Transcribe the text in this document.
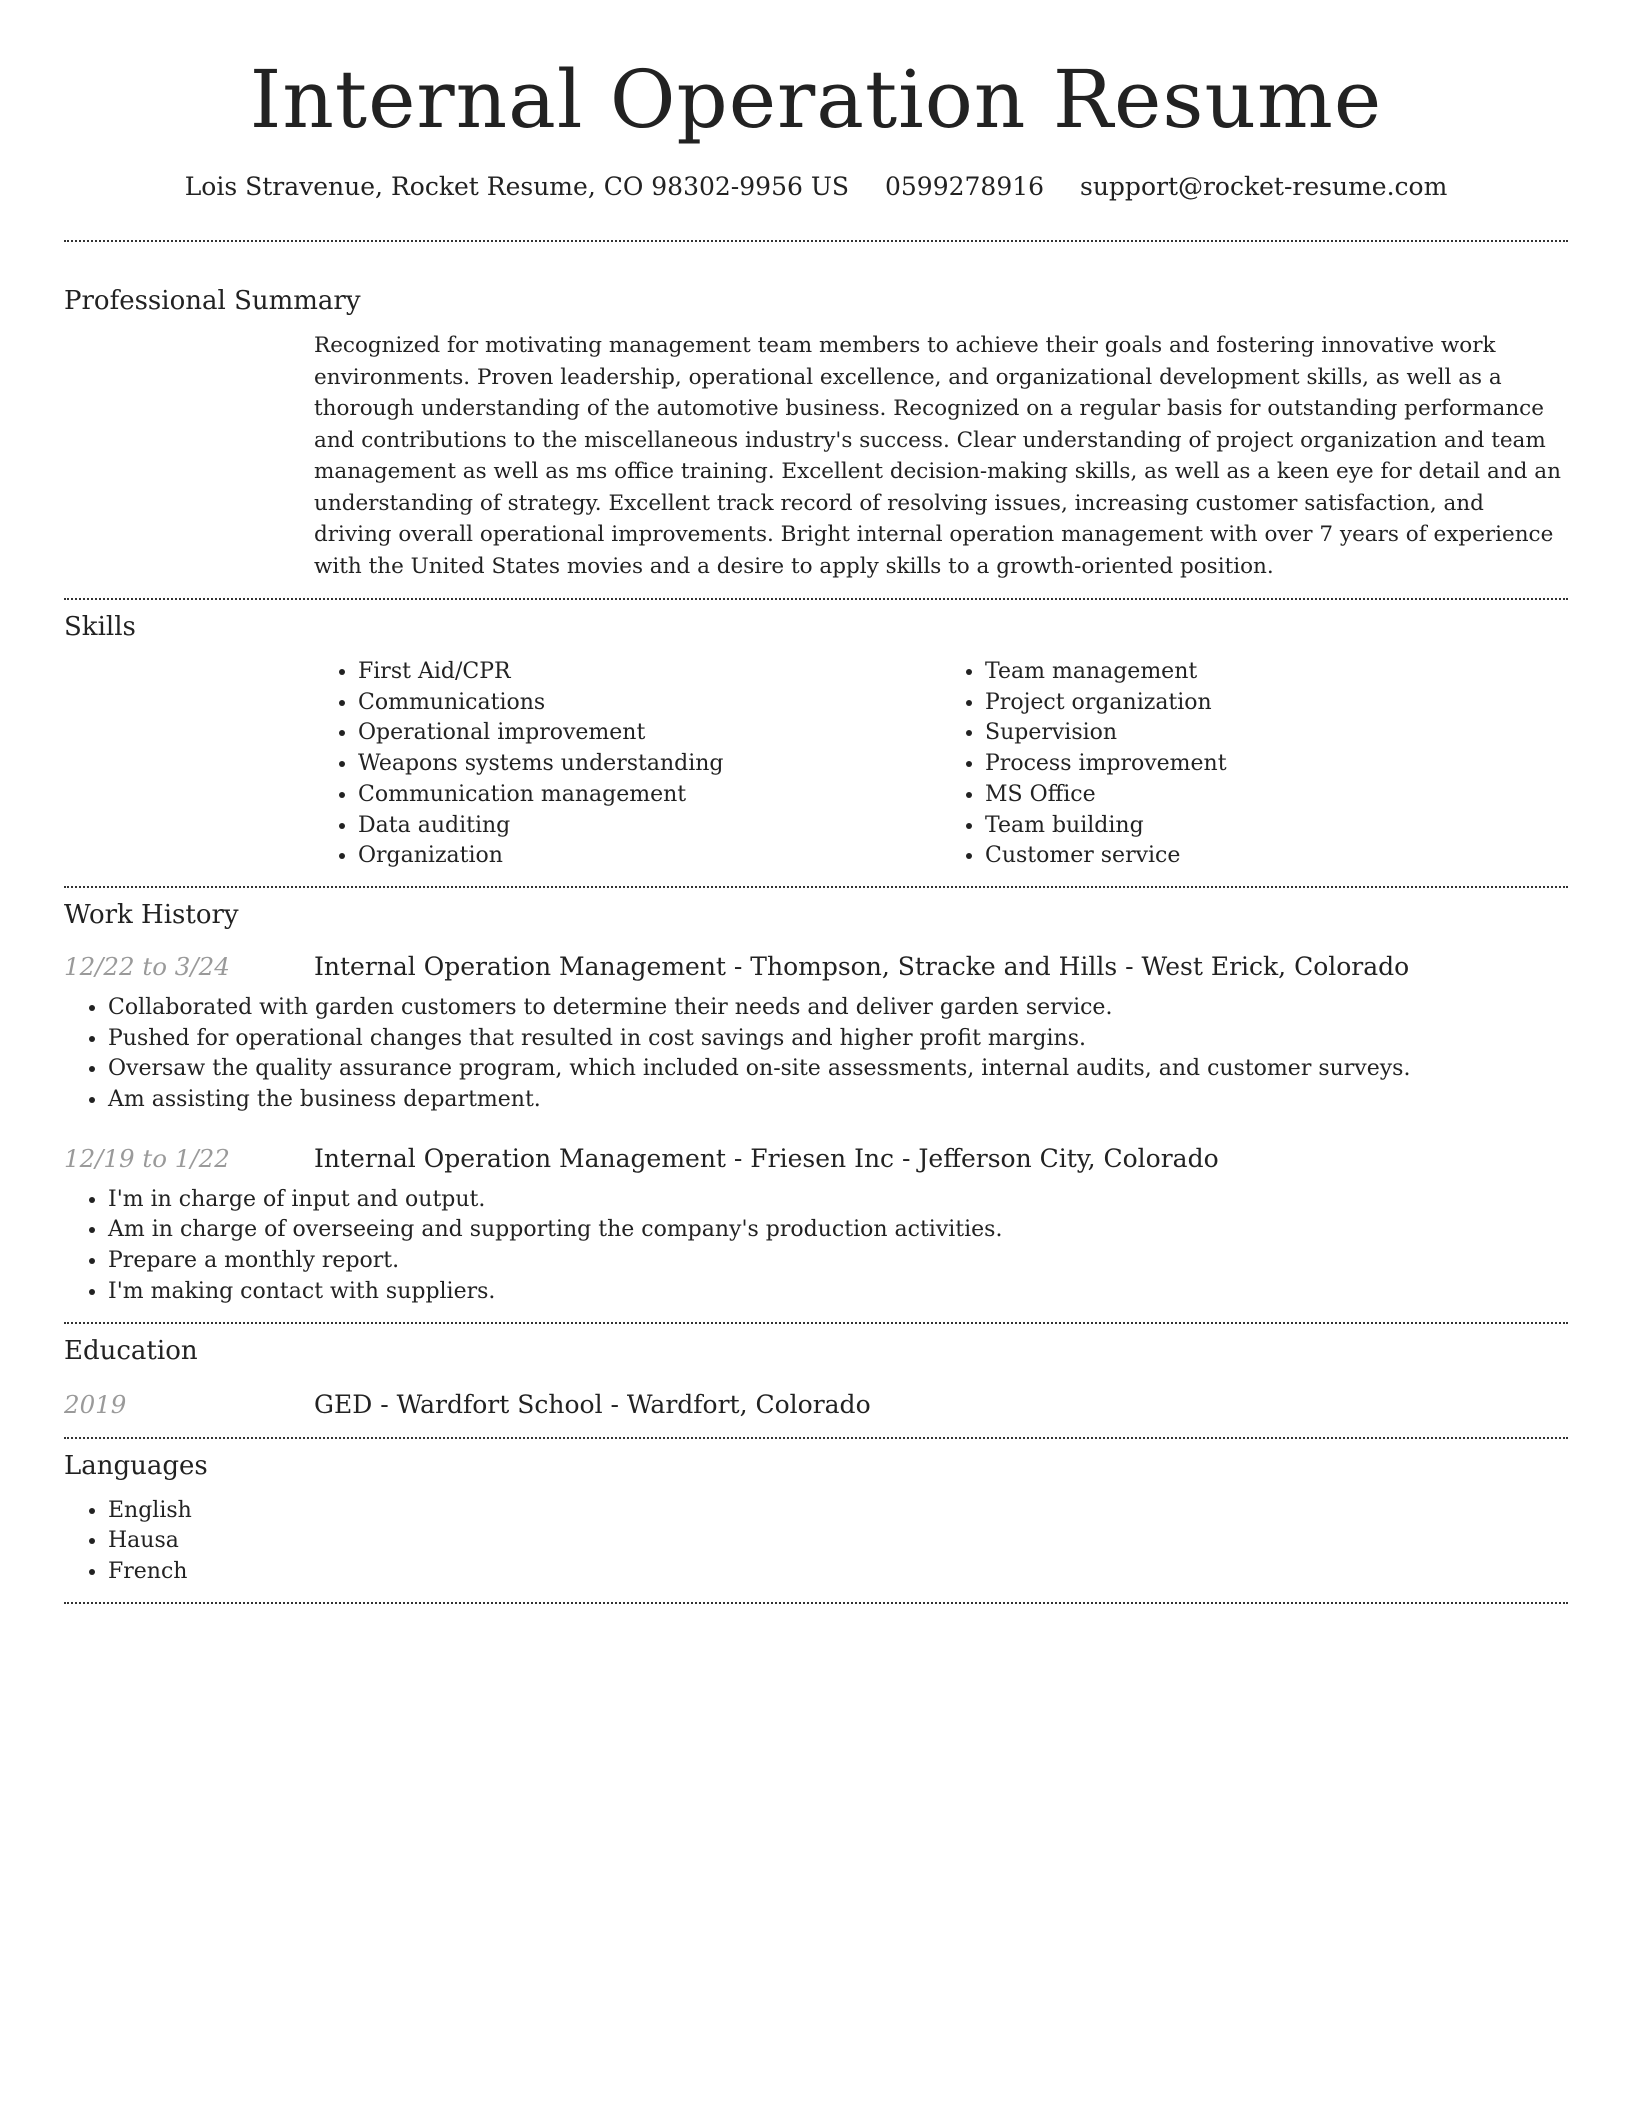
Internal Operation Resume
Lois Stravenue, Rocket Resume, CO 98302-9956 US 0599278916 support@rocket-resume.com
Professional Summary
Recognized for motivating management team members to achieve their goals and fostering innovative work environments. Proven leadership, operational excellence, and organizational development skills, as well as a thorough understanding of the automotive business. Recognized on a regular basis for outstanding performance and contributions to the miscellaneous industry's success. Clear understanding of project organization and team management as well as ms office training. Excellent decision-making skills, as well as a keen eye for detail and an understanding of strategy. Excellent track record of resolving issues, increasing customer satisfaction, and driving overall operational improvements. Bright internal operation management with over 7 years of experience with the United States movies and a desire to apply skills to a growth-oriented position.
Skills
• First Aid/CPR
• Communications
• Operational improvement
• Weapons systems understanding
• Communication management
• Data auditing
• Organization
• Team management
• Project organization
• Supervision
• Process improvement
• MS Office
• Team building
• Customer service
Work History
12/22 to 3/24	Internal Operation Management - Thompson, Stracke and Hills - West Erick, Colorado
• Collaborated with garden customers to determine their needs and deliver garden service.
• Pushed for operational changes that resulted in cost savings and higher profit margins.
• Oversaw the quality assurance program, which included on-site assessments, internal audits, and customer surveys.
• Am assisting the business department.
12/19 to 1/22	Internal Operation Management - Friesen Inc - Jefferson City, Colorado
• I'm in charge of input and output.
• Am in charge of overseeing and supporting the company's production activities.
• Prepare a monthly report.
• I'm making contact with suppliers.
Education
2019	GED - Wardfort School - Wardfort, Colorado
Languages
• English
• Hausa
• French
